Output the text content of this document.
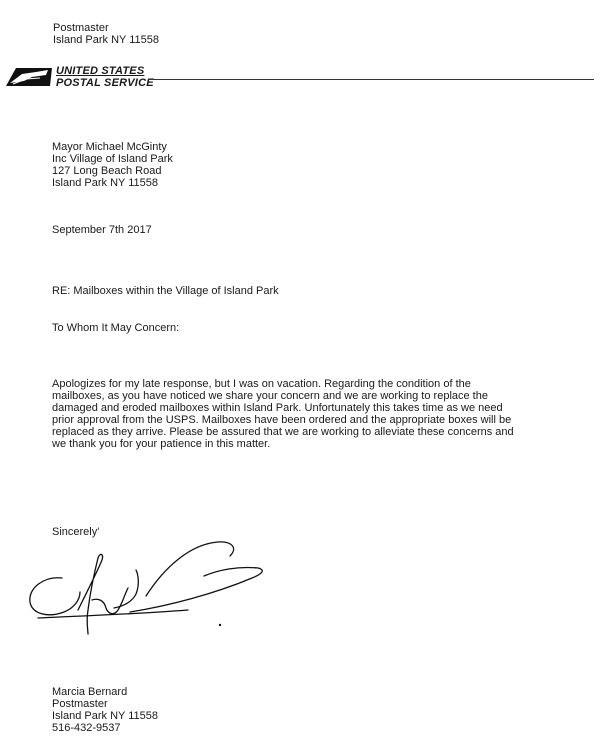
Postmaster
Island Park NY 11558
UNITED STATES
POSTAL SERVICE
Mayor Michael McGinty
Inc Village of Island Park
127 Long Beach Road
Island Park NY 11558
September 7th 2017
RE: Mailboxes within the Village of Island Park
To Whom It May Concern:
Apologizes for my late response, but I was on vacation. Regarding the condition of the
mailboxes, as you have noticed we share your concern and we are working to replace the
damaged and eroded mailboxes within Island Park. Unfortunately this takes time as we need
prior approval from the USPS. Mailboxes have been ordered and the appropriate boxes will be
replaced as they arrive. Please be assured that we are working to alleviate these concerns and
we thank you for your patience in this matter.
Sincerely'
Marcia Bernard
Postmaster
Island Park NY 11558
516-432-9537
